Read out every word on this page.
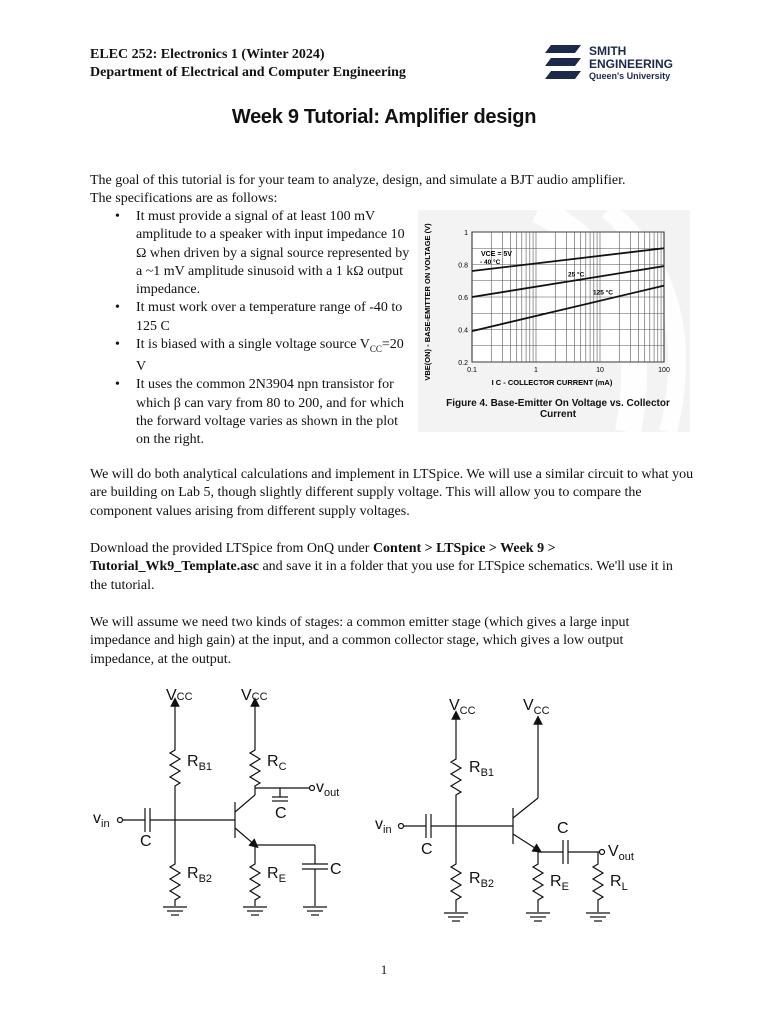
ELEC 252: Electronics 1 (Winter 2024)
Department of Electrical and Computer Engineering
SMITH
ENGINEERING
Queen's University
Week 9 Tutorial: Amplifier design
The goal of this tutorial is for your team to analyze, design, and simulate a BJT audio amplifier.
The specifications are as follows:
• It must provide a signal of at least 100 mV amplitude to a speaker with input impedance 10 Ω when driven by a signal source represented by a ~1 mV amplitude sinusoid with a 1 kΩ output impedance.
• It must work over a temperature range of -40 to 125 C
• It is biased with a single voltage source $V_{CC}=20$ V
• It uses the common 2N3904 npn transistor for which β can vary from 80 to 200, and for which the forward voltage varies as shown in the plot on the right.
- 40 °C
25 °C
125 °C
0.2
0.4
0.6
0.8
1
0.1	1	10	100
VBE(ON) - BASE-EMITTER ON VOLTAGE (V)
I C - COLLECTOR CURRENT (mA)
VCE = 5V
Figure 4. Base-Emitter On Voltage vs. Collector Current
We will do both analytical calculations and implement in LTSpice. We will use a similar circuit to what you are building on Lab 5, though slightly different supply voltage. This will allow you to compare the component values arising from different supply voltages.
Download the provided LTSpice from OnQ under Content > LTSpice > Week 9 > Tutorial_Wk9_Template.asc and save it in a folder that you use for LTSpice schematics. We'll use it in the tutorial.
We will assume we need two kinds of stages: a common emitter stage (which gives a large input impedance and high gain) at the input, and a common collector stage, which gives a low output impedance, at the output.
VCC	VCC
$R_{B1}$
$R_{B2}$
$R_C$
$R_E$
C
C
C
$v_{in}$
$v_{out}$
$V_{CC}$	$V_{CC}$
$R_{B1}$
$R_{B2}$	$R_E$	$R_L$
C
C
$v_{in}$
$V_{out}$
1
